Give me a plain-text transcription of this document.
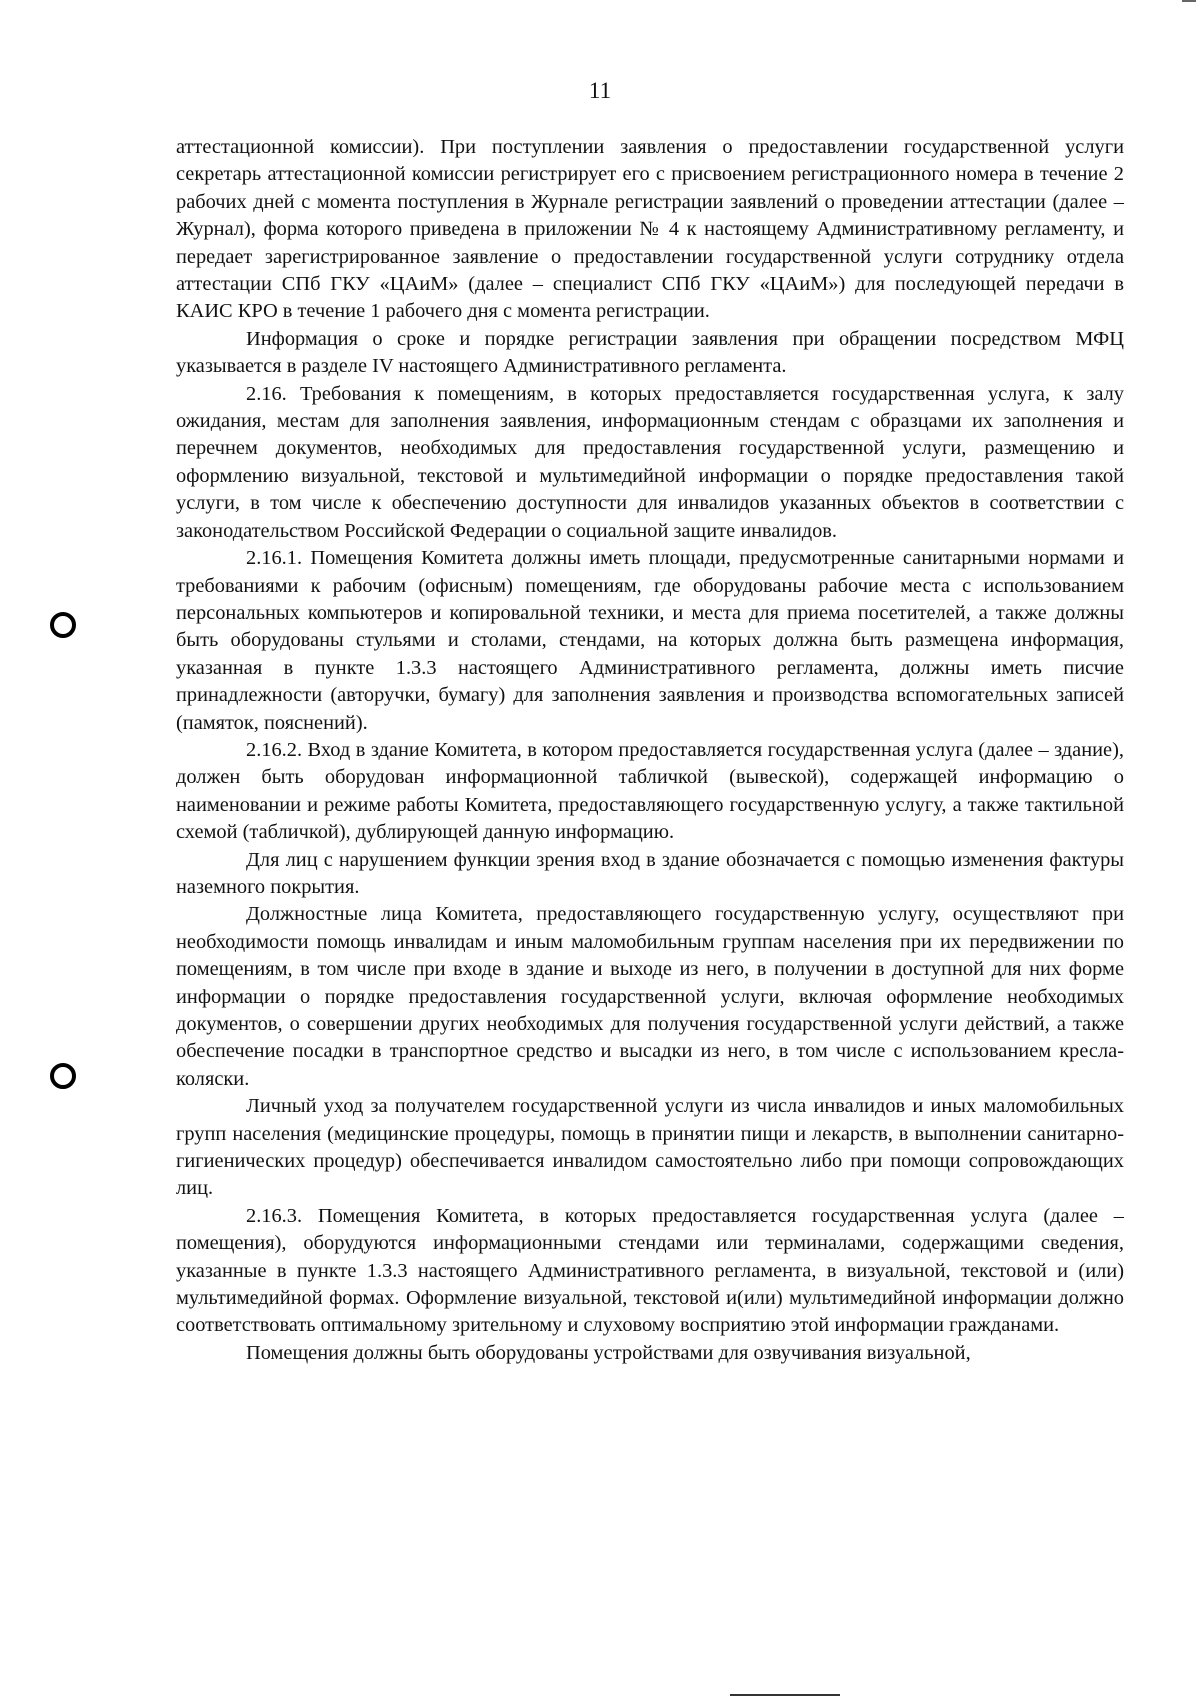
11

аттестационной комиссии). При поступлении заявления о предоставлении государственной услуги секретарь аттестационной комиссии регистрирует его с присвоением регистрационного номера в течение 2 рабочих дней с момента поступления в Журнале регистрации заявлений о проведении аттестации (далее – Журнал), форма которого приведена в приложении № 4 к настоящему Административному регламенту, и передает зарегистрированное заявление о предоставлении государственной услуги сотруднику отдела аттестации СПб ГКУ «ЦАиМ» (далее – специалист СПб ГКУ «ЦАиМ») для последующей передачи в КАИС КРО в течение 1 рабочего дня с момента регистрации.

Информация о сроке и порядке регистрации заявления при обращении посредством МФЦ указывается в разделе IV настоящего Административного регламента.

2.16. Требования к помещениям, в которых предоставляется государственная услуга, к залу ожидания, местам для заполнения заявления, информационным стендам с образцами их заполнения и перечнем документов, необходимых для предоставления государственной услуги, размещению и оформлению визуальной, текстовой и мультимедийной информации о порядке предоставления такой услуги, в том числе к обеспечению доступности для инвалидов указанных объектов в соответствии с законодательством Российской Федерации о социальной защите инвалидов.

2.16.1. Помещения Комитета должны иметь площади, предусмотренные санитарными нормами и требованиями к рабочим (офисным) помещениям, где оборудованы рабочие места с использованием персональных компьютеров и копировальной техники, и места для приема посетителей, а также должны быть оборудованы стульями и столами, стендами, на которых должна быть размещена информация, указанная в пункте 1.3.3 настоящего Административного регламента, должны иметь писчие принадлежности (авторучки, бумагу) для заполнения заявления и производства вспомогательных записей (памяток, пояснений).

2.16.2. Вход в здание Комитета, в котором предоставляется государственная услуга (далее – здание), должен быть оборудован информационной табличкой (вывеской), содержащей информацию о наименовании и режиме работы Комитета, предоставляющего государственную услугу, а также тактильной схемой (табличкой), дублирующей данную информацию.

Для лиц с нарушением функции зрения вход в здание обозначается с помощью изменения фактуры наземного покрытия.

Должностные лица Комитета, предоставляющего государственную услугу, осуществляют при необходимости помощь инвалидам и иным маломобильным группам населения при их передвижении по помещениям, в том числе при входе в здание и выходе из него, в получении в доступной для них форме информации о порядке предоставления государственной услуги, включая оформление необходимых документов, о совершении других необходимых для получения государственной услуги действий, а также обеспечение посадки в транспортное средство и высадки из него, в том числе с использованием кресла-коляски.

Личный уход за получателем государственной услуги из числа инвалидов и иных маломобильных групп населения (медицинские процедуры, помощь в принятии пищи и лекарств, в выполнении санитарно-гигиенических процедур) обеспечивается инвалидом самостоятельно либо при помощи сопровождающих лиц.

2.16.3. Помещения Комитета, в которых предоставляется государственная услуга (далее – помещения), оборудуются информационными стендами или терминалами, содержащими сведения, указанные в пункте 1.3.3 настоящего Административного регламента, в визуальной, текстовой и (или) мультимедийной формах. Оформление визуальной, текстовой и(или) мультимедийной информации должно соответствовать оптимальному зрительному и слуховому восприятию этой информации гражданами.

Помещения должны быть оборудованы устройствами для озвучивания визуальной,
